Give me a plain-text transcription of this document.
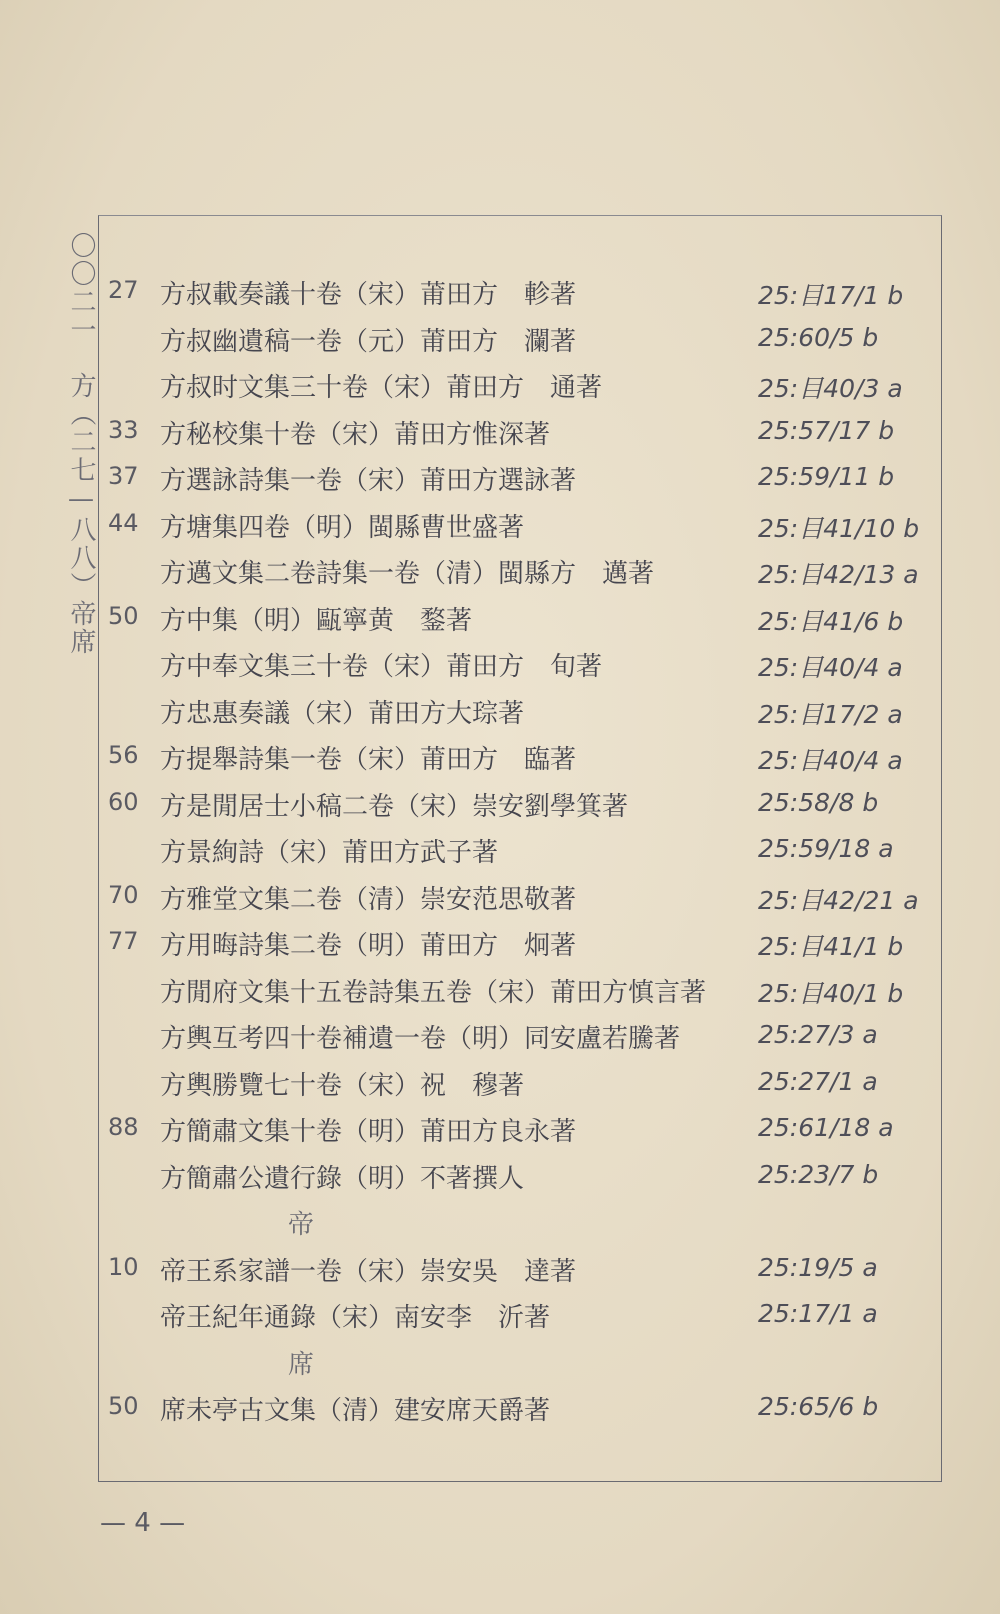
〇〇二一　方（二七—八八）帝席 27 方叔載奏議十卷（宋）莆田方　軫著	25:目17/1 b
方叔幽遺稿一卷（元）莆田方　瀾著	25:60/5 b
方叔时文集三十卷（宋）莆田方　通著	25:目40/3 a
33 方秘校集十卷（宋）莆田方惟深著	25:57/17 b
37 方選詠詩集一卷（宋）莆田方選詠著	25:59/11 b
44 方塘集四卷（明）閩縣曹世盛著	25:目41/10 b
方邁文集二卷詩集一卷（清）閩縣方　邁著	25:目42/13 a
50 方中集（明）甌寧黄　鍪著	25:目41/6 b
方中奉文集三十卷（宋）莆田方　旬著	25:目40/4 a
方忠惠奏議（宋）莆田方大琮著	25:目17/2 a
56 方提舉詩集一卷（宋）莆田方　臨著	25:目40/4 a
60 方是閒居士小稿二卷（宋）崇安劉學箕著	25:58/8 b
方景絢詩（宋）莆田方武子著	25:59/18 a
70 方雅堂文集二卷（清）崇安范思敬著	25:目42/21 a
77 方用晦詩集二卷（明）莆田方　炯著	25:目41/1 b
方閒府文集十五卷詩集五卷（宋）莆田方慎言著	25:目40/1 b
方輿互考四十卷補遺一卷（明）同安盧若騰著	25:27/3 a
方輿勝覽七十卷（宋）祝　穆著	25:27/1 a
88 方簡肅文集十卷（明）莆田方良永著	25:61/18 a
方簡肅公遺行錄（明）不著撰人	25:23/7 b
帝
10 帝王系家譜一卷（宋）崇安吳　達著	25:19/5 a
帝王紀年通錄（宋）南安李　沂著	25:17/1 a
席
50 席未亭古文集（清）建安席天爵著	25:65/6 b
— 4 —
